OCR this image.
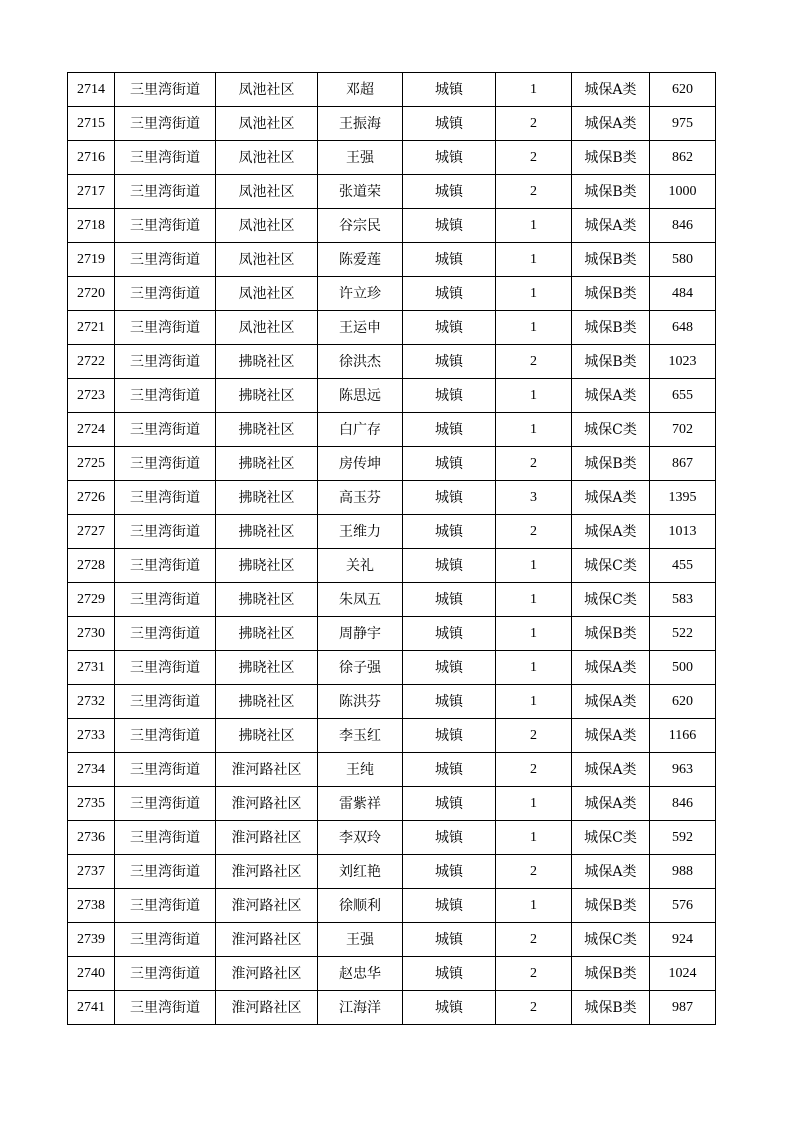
2714	三里湾街道	凤池社区	邓超	城镇	1	城保A类	620
2715	三里湾街道	凤池社区	王振海	城镇	2	城保A类	975
2716	三里湾街道	凤池社区	王强	城镇	2	城保B类	862
2717	三里湾街道	凤池社区	张道荣	城镇	2	城保B类	1000
2718	三里湾街道	凤池社区	谷宗民	城镇	1	城保A类	846
2719	三里湾街道	凤池社区	陈爱莲	城镇	1	城保B类	580
2720	三里湾街道	凤池社区	许立珍	城镇	1	城保B类	484
2721	三里湾街道	凤池社区	王运申	城镇	1	城保B类	648
2722	三里湾街道	拂晓社区	徐洪杰	城镇	2	城保B类	1023
2723	三里湾街道	拂晓社区	陈思远	城镇	1	城保A类	655
2724	三里湾街道	拂晓社区	白广存	城镇	1	城保C类	702
2725	三里湾街道	拂晓社区	房传坤	城镇	2	城保B类	867
2726	三里湾街道	拂晓社区	高玉芬	城镇	3	城保A类	1395
2727	三里湾街道	拂晓社区	王维力	城镇	2	城保A类	1013
2728	三里湾街道	拂晓社区	关礼	城镇	1	城保C类	455
2729	三里湾街道	拂晓社区	朱凤五	城镇	1	城保C类	583
2730	三里湾街道	拂晓社区	周静宇	城镇	1	城保B类	522
2731	三里湾街道	拂晓社区	徐子强	城镇	1	城保A类	500
2732	三里湾街道	拂晓社区	陈洪芬	城镇	1	城保A类	620
2733	三里湾街道	拂晓社区	李玉红	城镇	2	城保A类	1166
2734	三里湾街道	淮河路社区	王纯	城镇	2	城保A类	963
2735	三里湾街道	淮河路社区	雷紫祥	城镇	1	城保A类	846
2736	三里湾街道	淮河路社区	李双玲	城镇	1	城保C类	592
2737	三里湾街道	淮河路社区	刘红艳	城镇	2	城保A类	988
2738	三里湾街道	淮河路社区	徐顺利	城镇	1	城保B类	576
2739	三里湾街道	淮河路社区	王强	城镇	2	城保C类	924
2740	三里湾街道	淮河路社区	赵忠华	城镇	2	城保B类	1024
2741	三里湾街道	淮河路社区	江海洋	城镇	2	城保B类	987
